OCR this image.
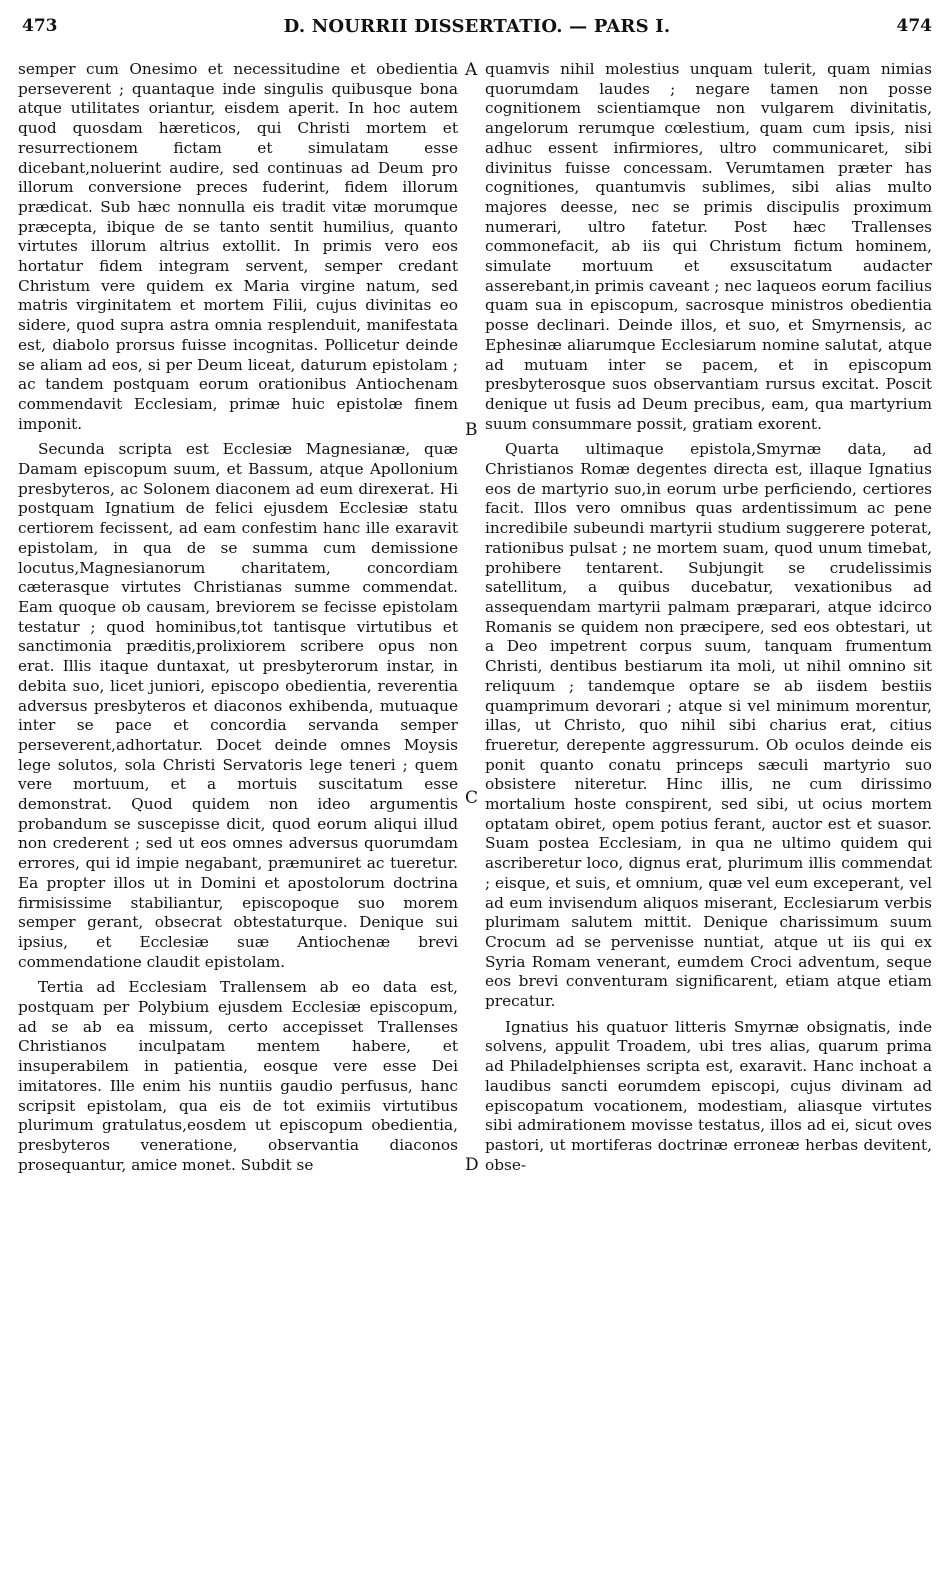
473	D. NOURRII DISSERTATIO. — PARS I.	474

semper cum Onesimo et necessitudine et obedientia perseverent ; quantaque inde singulis quibusque bona atque utilitates oriantur, eisdem aperit. In hoc autem quod quosdam hæreticos, qui Christi mortem et resurrectionem fictam et simulatam esse dicebant,noluerint audire, sed continuas ad Deum pro illorum conversione preces fuderint, fidem illorum prædicat. Sub hæc nonnulla eis tradit vitæ morumque præcepta, ibique de se tanto sentit humilius, quanto virtutes illorum altrius extollit. In primis vero eos hortatur fidem integram servent, semper credant Christum vere quidem ex Maria virgine natum, sed matris virginitatem et mortem Filii, cujus divinitas eo sidere, quod supra astra omnia resplenduit, manifestata est, diabolo prorsus fuisse incognitas. Pollicetur deinde se aliam ad eos, si per Deum liceat, daturum epistolam ; ac tandem postquam eorum orationibus Antiochenam commendavit Ecclesiam, primæ huic epistolæ finem imponit.

Secunda scripta est Ecclesiæ Magnesianæ, quæ Damam episcopum suum, et Bassum, atque Apollonium presbyteros, ac Solonem diaconem ad eum direxerat. Hi postquam Ignatium de felici ejusdem Ecclesiæ statu certiorem fecissent, ad eam confestim hanc ille exaravit epistolam, in qua de se summa cum demissione locutus,Magnesianorum charitatem, concordiam cæterasque virtutes Christianas summe commendat. Eam quoque ob causam, breviorem se fecisse epistolam testatur ; quod hominibus,tot tantisque virtutibus et sanctimonia præditis,prolixiorem scribere opus non erat. Illis itaque duntaxat, ut presbyterorum instar, in debita suo, licet juniori, episcopo obedientia, reverentia adversus presbyteros et diaconos exhibenda, mutuaque inter se pace et concordia servanda semper perseverent,adhortatur. Docet deinde omnes Moysis lege solutos, sola Christi Servatoris lege teneri ; quem vere mortuum, et a mortuis suscitatum esse demonstrat. Quod quidem non ideo argumentis probandum se suscepisse dicit, quod eorum aliqui illud non crederent ; sed ut eos omnes adversus quorumdam errores, qui id impie negabant, præmuniret ac tueretur. Ea propter illos ut in Domini et apostolorum doctrina firmisissime stabiliantur, episcopoque suo morem semper gerant, obsecrat obtestaturque. Denique sui ipsius, et Ecclesiæ suæ Antiochenæ brevi commendatione claudit epistolam.

Tertia ad Ecclesiam Trallensem ab eo data est, postquam per Polybium ejusdem Ecclesiæ episcopum, ad se ab ea missum, certo accepisset Trallenses Christianos inculpatam mentem habere, et insuperabilem in patientia, eosque vere esse Dei imitatores. Ille enim his nuntiis gaudio perfusus, hanc scripsit epistolam, qua eis de tot eximiis virtutibus plurimum gratulatus,eosdem ut episcopum obedientia, presbyteros veneratione, observantia diaconos prosequantur, amice monet. Subdit se

A
B
C
D

quamvis nihil molestius unquam tulerit, quam nimias quorumdam laudes ; negare tamen non posse cognitionem scientiamque non vulgarem divinitatis, angelorum rerumque cœlestium, quam cum ipsis, nisi adhuc essent infirmiores, ultro communicaret, sibi divinitus fuisse concessam. Verumtamen præter has cognitiones, quantumvis sublimes, sibi alias multo majores deesse, nec se primis discipulis proximum numerari, ultro fatetur. Post hæc Trallenses commonefacit, ab iis qui Christum fictum hominem, simulate mortuum et exsuscitatum audacter asserebant,in primis caveant ; nec laqueos eorum facilius quam sua in episcopum, sacrosque ministros obedientia posse declinari. Deinde illos, et suo, et Smyrnensis, ac Ephesinæ aliarumque Ecclesiarum nomine salutat, atque ad mutuam inter se pacem, et in episcopum presbyterosque suos observantiam rursus excitat. Poscit denique ut fusis ad Deum precibus, eam, qua martyrium suum consummare possit, gratiam exorent.

Quarta ultimaque epistola,Smyrnæ data, ad Christianos Romæ degentes directa est, illaque Ignatius eos de martyrio suo,in eorum urbe perficiendo, certiores facit. Illos vero omnibus quas ardentissimum ac pene incredibile subeundi martyrii studium suggerere poterat, rationibus pulsat ; ne mortem suam, quod unum timebat, prohibere tentarent. Subjungit se crudelissimis satellitum, a quibus ducebatur, vexationibus ad assequendam martyrii palmam præparari, atque idcirco Romanis se quidem non præcipere, sed eos obtestari, ut a Deo impetrent corpus suum, tanquam frumentum Christi, dentibus bestiarum ita moli, ut nihil omnino sit reliquum ; tandemque optare se ab iisdem bestiis quamprimum devorari ; atque si vel minimum morentur, illas, ut Christo, quo nihil sibi charius erat, citius frueretur, derepente aggressurum. Ob oculos deinde eis ponit quanto conatu princeps sæculi martyrio suo obsistere niteretur. Hinc illis, ne cum dirissimo mortalium hoste conspirent, sed sibi, ut ocius mortem optatam obiret, opem potius ferant, auctor est et suasor. Suam postea Ecclesiam, in qua ne ultimo quidem qui ascriberetur loco, dignus erat, plurimum illis commendat ; eisque, et suis, et omnium, quæ vel eum exceperant, vel ad eum invisendum aliquos miserant, Ecclesiarum verbis plurimam salutem mittit. Denique charissimum suum Crocum ad se pervenisse nuntiat, atque ut iis qui ex Syria Romam venerant, eumdem Croci adventum, seque eos brevi conventuram significarent, etiam atque etiam precatur.

Ignatius his quatuor litteris Smyrnæ obsignatis, inde solvens, appulit Troadem, ubi tres alias, quarum prima ad Philadelphienses scripta est, exaravit. Hanc inchoat a laudibus sancti eorumdem episcopi, cujus divinam ad episcopatum vocationem, modestiam, aliasque virtutes sibi admirationem movisse testatus, illos ad ei, sicut oves pastori, ut mortiferas doctrinæ erroneæ herbas devitent, obse-
